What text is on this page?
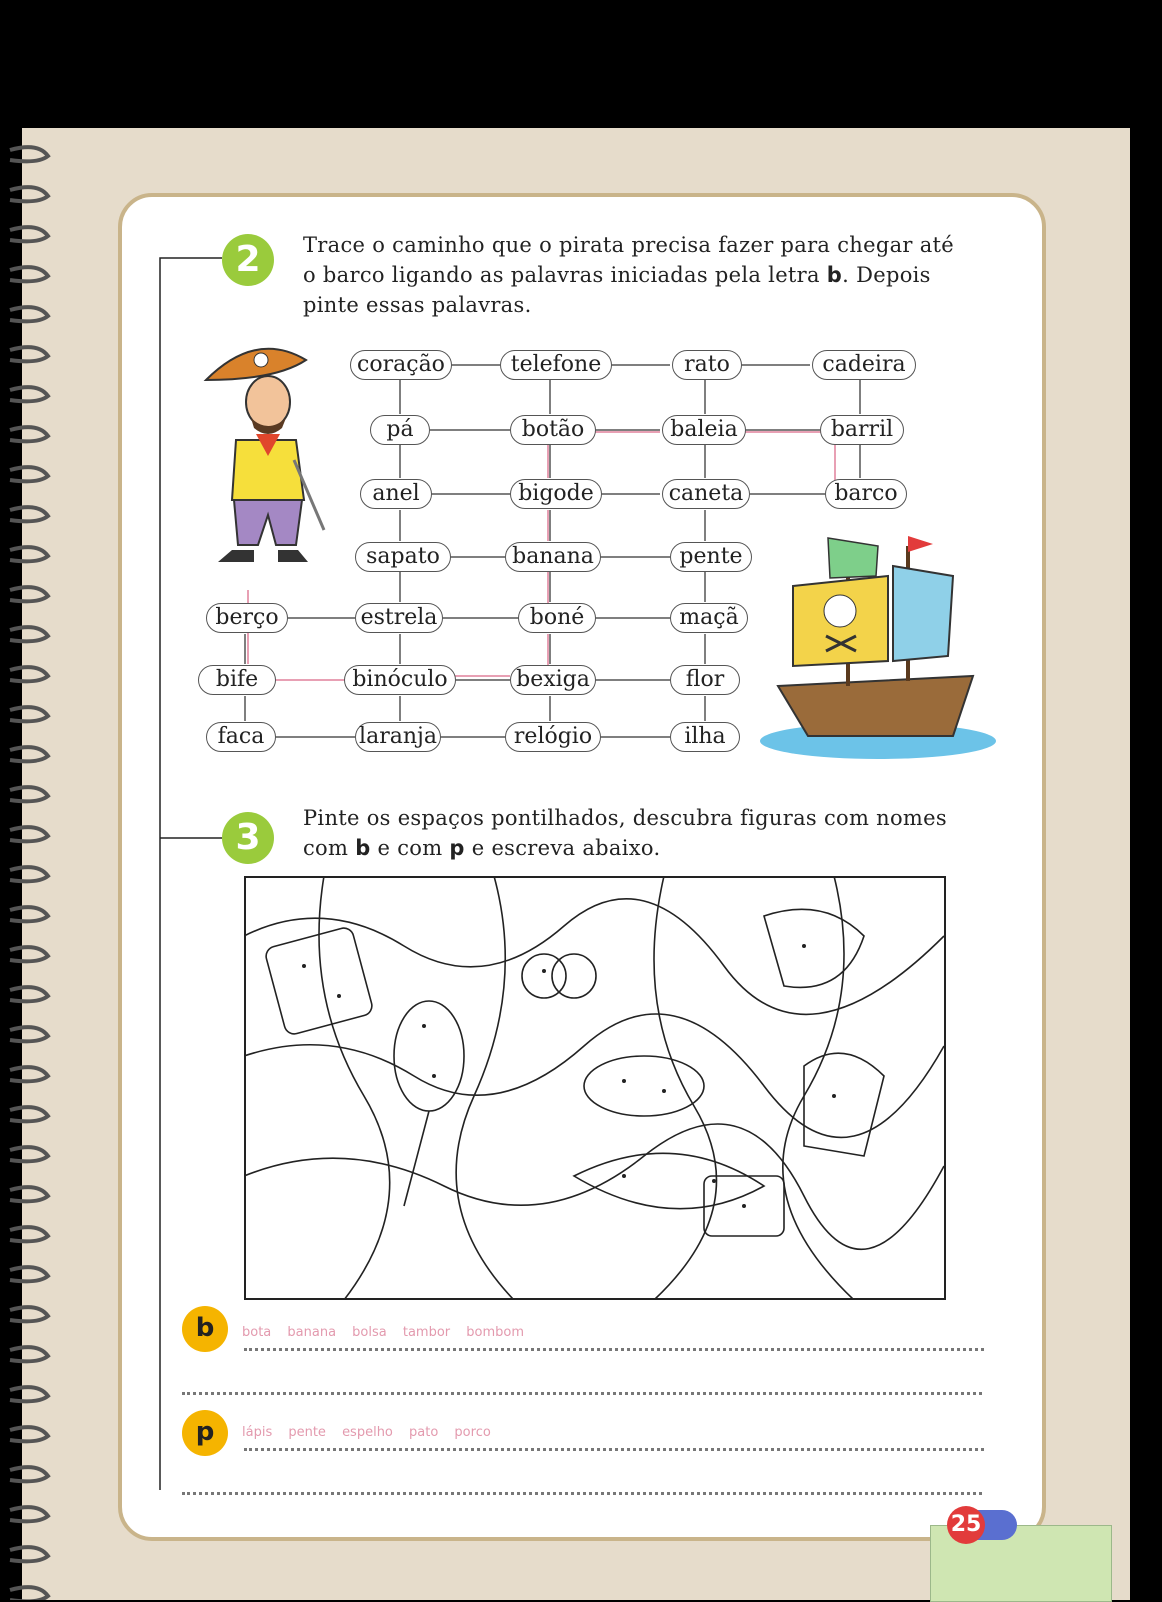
2	Trace o caminho que o pirata precisa fazer para chegar até
o barco ligando as palavras iniciadas pela letra b. Depois
pinte essas palavras.
coração	telefone	rato	cadeira
pá	botão	baleia	barril
anel	bigode	caneta	barco
sapato	banana	pente
berço	estrela	boné	maçã
bife	binóculo	bexiga	flor
faca	laranja	relógio	ilha
3	Pinte os espaços pontilhados, descubra figuras com nomes
com b e com p e escreva abaixo.
b	bota banana bolsa tambor bombom
p	lápis pente espelho pato porco
25
